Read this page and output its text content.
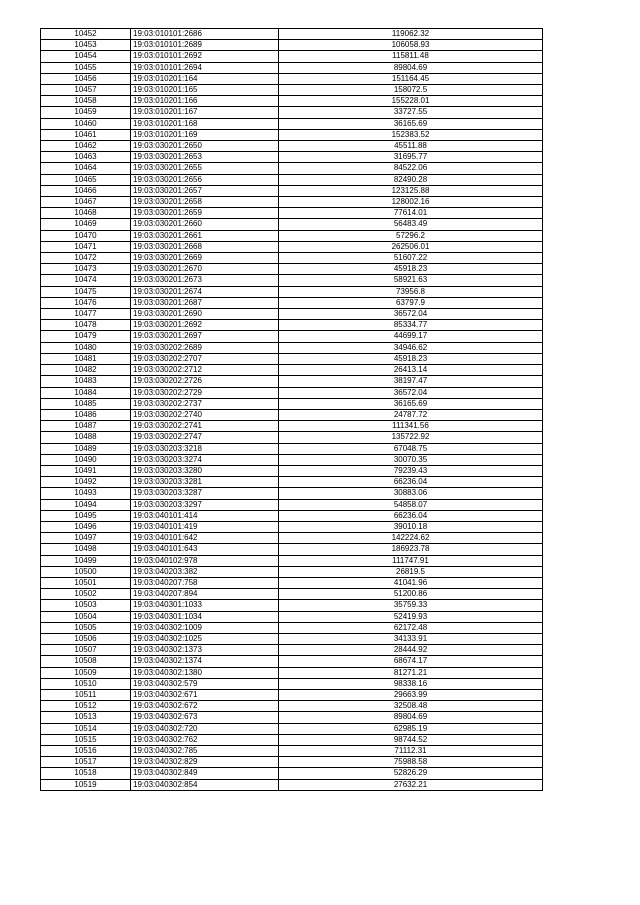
10452	19:03:010101:2686	119062.32
10453	19:03:010101:2689	106058.93
10454	19:03:010101:2692	115811.48
10455	19:03:010101:2694	89804.69
10456	19:03:010201:164	151164.45
10457	19:03:010201:165	158072.5
10458	19:03:010201:166	155228.01
10459	19:03:010201:167	33727.55
10460	19:03:010201:168	36165.69
10461	19:03:010201:169	152383.52
10462	19:03:030201:2650	45511.88
10463	19:03:030201:2653	31695.77
10464	19:03:030201:2655	84522.06
10465	19:03:030201:2656	82490.28
10466	19:03:030201:2657	123125.88
10467	19:03:030201:2658	128002.16
10468	19:03:030201:2659	77614.01
10469	19:03:030201:2660	56483.49
10470	19:03:030201:2661	57296.2
10471	19:03:030201:2668	262506.01
10472	19:03:030201:2669	51607.22
10473	19:03:030201:2670	45918.23
10474	19:03:030201:2673	58921.63
10475	19:03:030201:2674	73956.8
10476	19:03:030201:2687	63797.9
10477	19:03:030201:2690	36572.04
10478	19:03:030201:2692	85334.77
10479	19:03:030201:2697	44699.17
10480	19:03:030202:2689	34946.62
10481	19:03:030202:2707	45918.23
10482	19:03:030202:2712	26413.14
10483	19:03:030202:2726	38197.47
10484	19:03:030202:2729	36572.04
10485	19:03:030202:2737	36165.69
10486	19:03:030202:2740	24787.72
10487	19:03:030202:2741	111341.56
10488	19:03:030202:2747	135722.92
10489	19:03:030203:3218	67048.75
10490	19:03:030203:3274	30070.35
10491	19:03:030203:3280	79239.43
10492	19:03:030203:3281	66236.04
10493	19:03:030203:3287	30883.06
10494	19:03:030203:3297	54858.07
10495	19:03:040101:414	66236.04
10496	19:03:040101:419	39010.18
10497	19:03:040101:642	142224.62
10498	19:03:040101:643	186923.78
10499	19:03:040102:978	111747.91
10500	19:03:040203:382	26819.5
10501	19:03:040207:758	41041.96
10502	19:03:040207:894	51200.86
10503	19:03:040301:1033	35759.33
10504	19:03:040301:1034	52419.93
10505	19:03:040302:1009	62172.48
10506	19:03:040302:1025	34133.91
10507	19:03:040302:1373	28444.92
10508	19:03:040302:1374	68674.17
10509	19:03:040302:1380	81271.21
10510	19:03:040302:579	98338.16
10511	19:03:040302:671	29663.99
10512	19:03:040302:672	32508.48
10513	19:03:040302:673	89804.69
10514	19:03:040302:720	62985.19
10515	19:03:040302:762	98744.52
10516	19:03:040302:785	71112.31
10517	19:03:040302:829	75988.58
10518	19:03:040302:849	52826.29
10519	19:03:040302:854	27632.21
